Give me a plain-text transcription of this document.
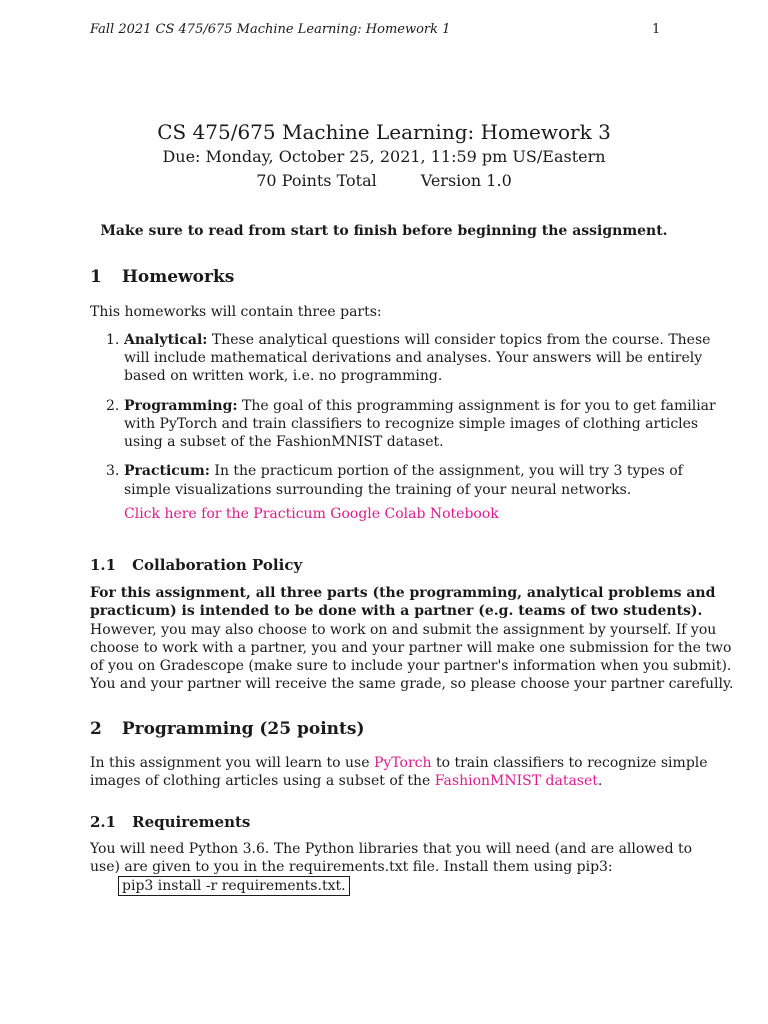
Fall 2021 CS 475/675 Machine Learning: Homework 1	1
CS 475/675 Machine Learning: Homework 3
Due: Monday, October 25, 2021, 11:59 pm US/Eastern
70 Points Total	Version 1.0
Make sure to read from start to finish before beginning the assignment.
1 Homeworks
This homeworks will contain three parts:
1. Analytical: These analytical questions will consider topics from the course. These
will include mathematical derivations and analyses. Your answers will be entirely
based on written work, i.e. no programming.
2. Programming: The goal of this programming assignment is for you to get familiar
with PyTorch and train classifiers to recognize simple images of clothing articles
using a subset of the FashionMNIST dataset.
3. Practicum: In the practicum portion of the assignment, you will try 3 types of
simple visualizations surrounding the training of your neural networks.
Click here for the Practicum Google Colab Notebook
1.1 Collaboration Policy
For this assignment, all three parts (the programming, analytical problems and
practicum) is intended to be done with a partner (e.g. teams of two students).
However, you may also choose to work on and submit the assignment by yourself. If you
choose to work with a partner, you and your partner will make one submission for the two
of you on Gradescope (make sure to include your partner's information when you submit).
You and your partner will receive the same grade, so please choose your partner carefully.
2 Programming (25 points)
In this assignment you will learn to use PyTorch to train classifiers to recognize simple
images of clothing articles using a subset of the FashionMNIST dataset.
2.1 Requirements
You will need Python 3.6. The Python libraries that you will need (and are allowed to
use) are given to you in the requirements.txt file. Install them using pip3:
pip3 install -r requirements.txt.
